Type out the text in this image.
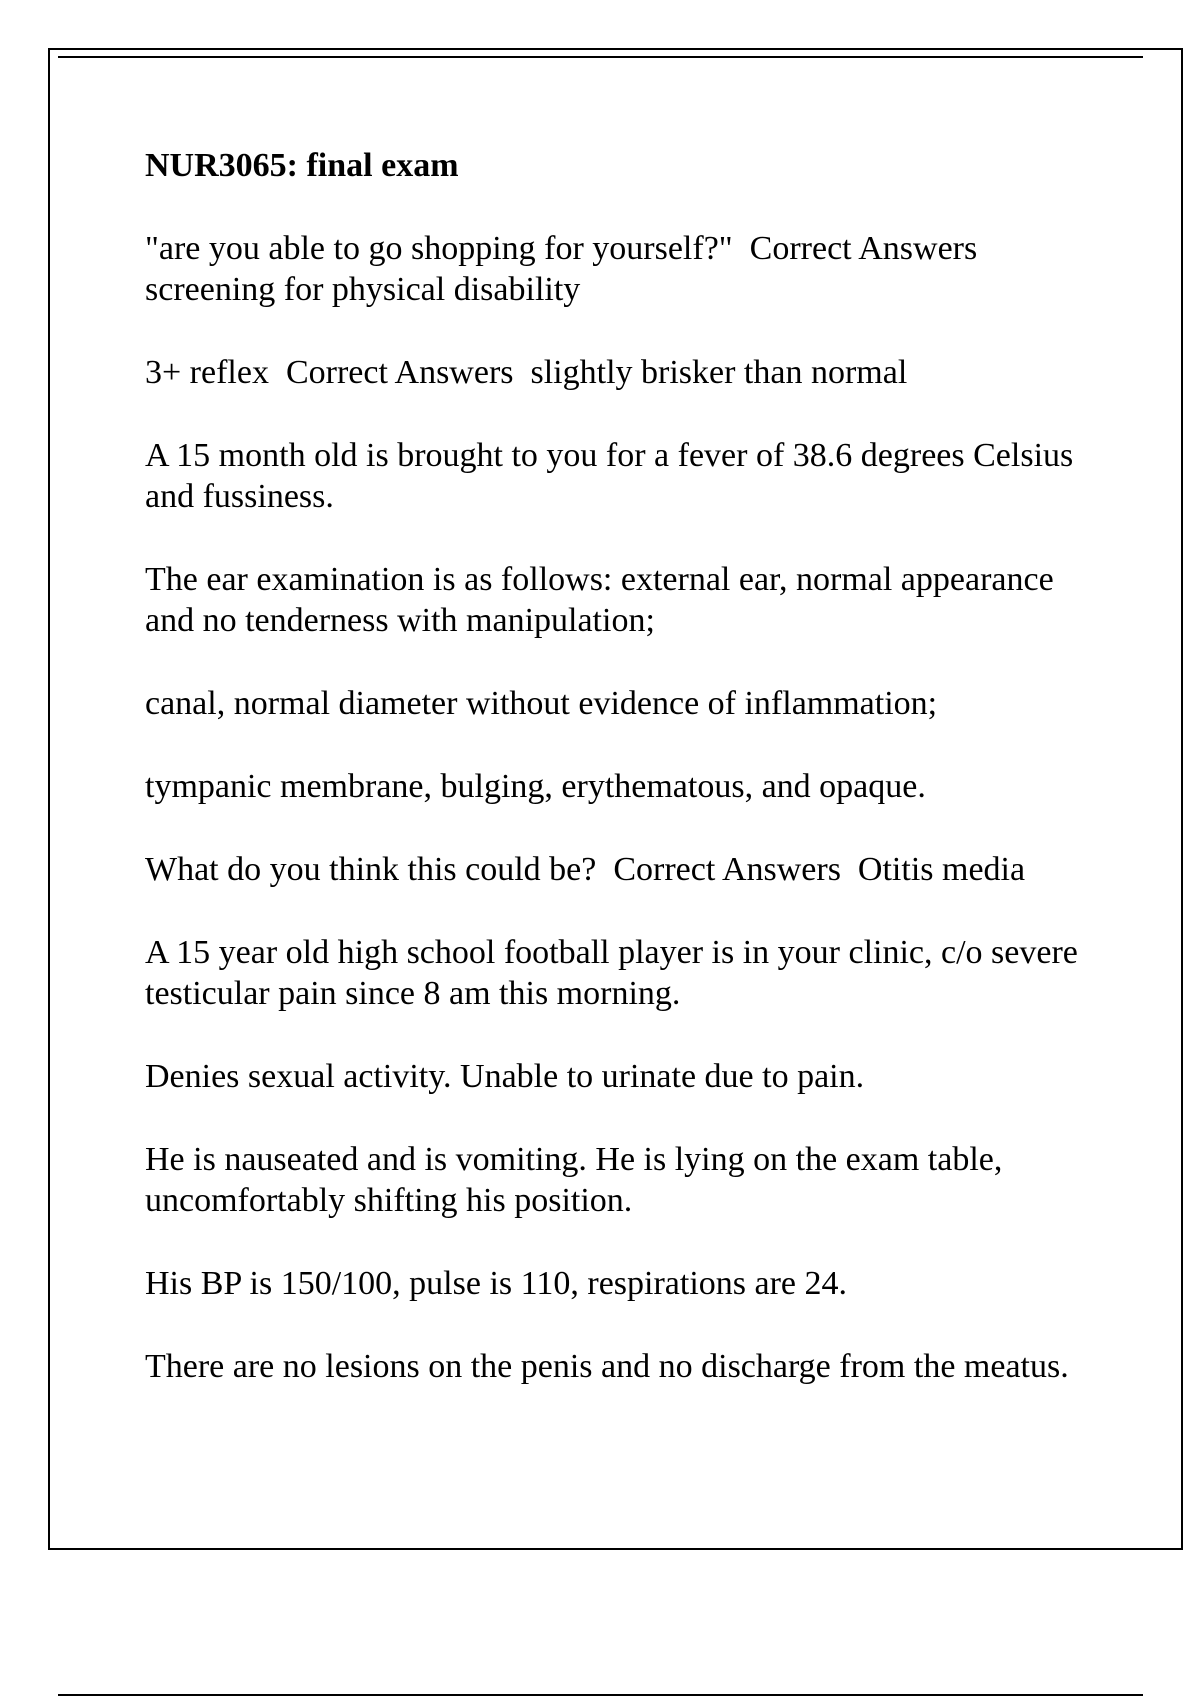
NUR3065: final exam

"are you able to go shopping for yourself?"  Correct Answers  screening for physical disability

3+ reflex  Correct Answers  slightly brisker than normal

A 15 month old is brought to you for a fever of 38.6 degrees Celsius and fussiness.

The ear examination is as follows: external ear, normal appearance and no tenderness with manipulation;

canal, normal diameter without evidence of inflammation;

tympanic membrane, bulging, erythematous, and opaque.

What do you think this could be?  Correct Answers  Otitis media

A 15 year old high school football player is in your clinic, c/o severe testicular pain since 8 am this morning.

Denies sexual activity. Unable to urinate due to pain.

He is nauseated and is vomiting. He is lying on the exam table, uncomfortably shifting his position.

His BP is 150/100, pulse is 110, respirations are 24.

There are no lesions on the penis and no discharge from the meatus.
